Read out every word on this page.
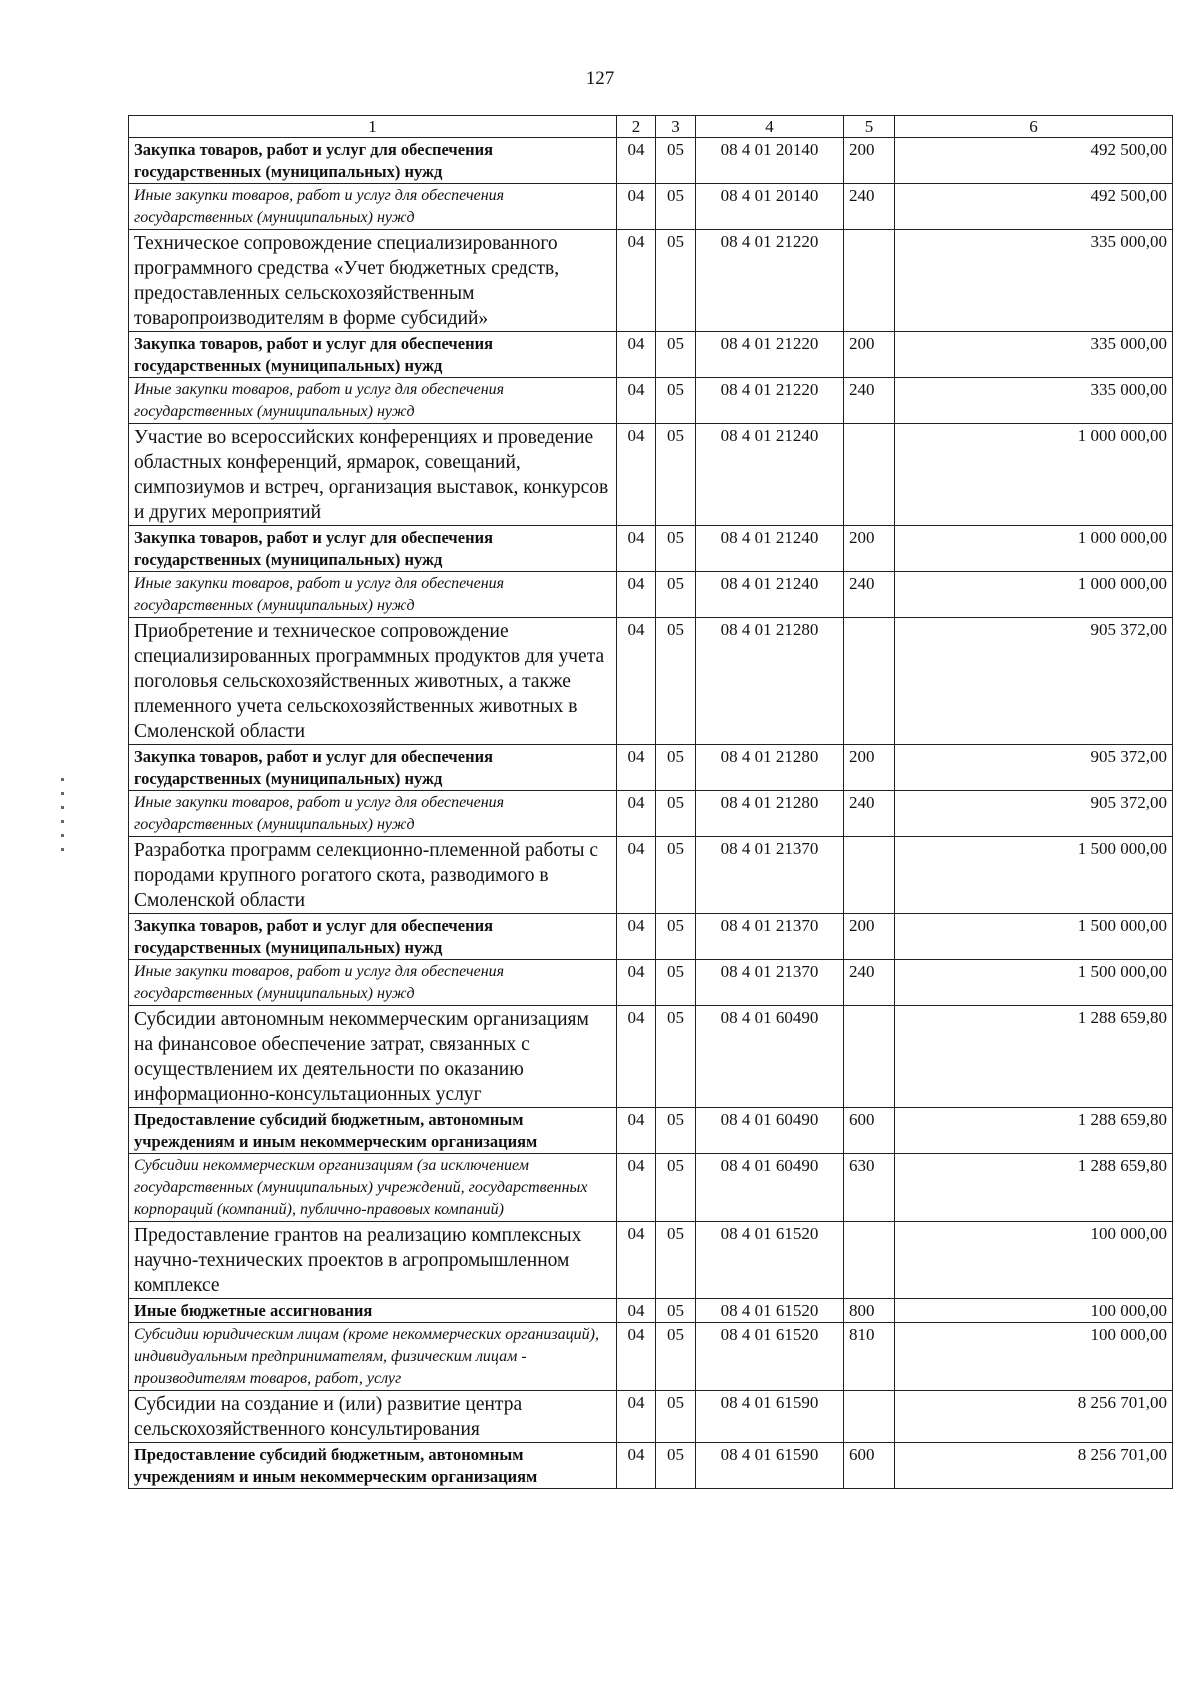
127
1	2	3	4	5	6
Закупка товаров, работ и услуг для обеспечения государственных (муниципальных) нужд	04	05	08 4 01 20140	200	492 500,00
Иные закупки товаров, работ и услуг для обеспечения государственных (муниципальных) нужд	04	05	08 4 01 20140	240	492 500,00
Техническое сопровождение специализированного программного средства «Учет бюджетных средств, предоставленных сельскохозяйственным товаропроизводителям в форме субсидий»	04	05	08 4 01 21220		335 000,00
Закупка товаров, работ и услуг для обеспечения государственных (муниципальных) нужд	04	05	08 4 01 21220	200	335 000,00
Иные закупки товаров, работ и услуг для обеспечения государственных (муниципальных) нужд	04	05	08 4 01 21220	240	335 000,00
Участие во всероссийских конференциях и проведение областных конференций, ярмарок, совещаний, симпозиумов и встреч, организация выставок, конкурсов и других мероприятий	04	05	08 4 01 21240		1 000 000,00
Закупка товаров, работ и услуг для обеспечения государственных (муниципальных) нужд	04	05	08 4 01 21240	200	1 000 000,00
Иные закупки товаров, работ и услуг для обеспечения государственных (муниципальных) нужд	04	05	08 4 01 21240	240	1 000 000,00
Приобретение и техническое сопровождение специализированных программных продуктов для учета поголовья сельскохозяйственных животных, а также племенного учета сельскохозяйственных животных в Смоленской области	04	05	08 4 01 21280		905 372,00
Закупка товаров, работ и услуг для обеспечения государственных (муниципальных) нужд	04	05	08 4 01 21280	200	905 372,00
Иные закупки товаров, работ и услуг для обеспечения государственных (муниципальных) нужд	04	05	08 4 01 21280	240	905 372,00
Разработка программ селекционно-племенной работы с породами крупного рогатого скота, разводимого в Смоленской области	04	05	08 4 01 21370		1 500 000,00
Закупка товаров, работ и услуг для обеспечения государственных (муниципальных) нужд	04	05	08 4 01 21370	200	1 500 000,00
Иные закупки товаров, работ и услуг для обеспечения государственных (муниципальных) нужд	04	05	08 4 01 21370	240	1 500 000,00
Субсидии автономным некоммерческим организациям на финансовое обеспечение затрат, связанных с осуществлением их деятельности по оказанию информационно-консультационных услуг	04	05	08 4 01 60490		1 288 659,80
Предоставление субсидий бюджетным, автономным учреждениям и иным некоммерческим организациям	04	05	08 4 01 60490	600	1 288 659,80
Субсидии некоммерческим организациям (за исключением государственных (муниципальных) учреждений, государственных корпораций (компаний), публично-правовых компаний)	04	05	08 4 01 60490	630	1 288 659,80
Предоставление грантов на реализацию комплексных научно-технических проектов в агропромышленном комплексе	04	05	08 4 01 61520		100 000,00
Иные бюджетные ассигнования	04	05	08 4 01 61520	800	100 000,00
Субсидии юридическим лицам (кроме некоммерческих организаций), индивидуальным предпринимателям, физическим лицам - производителям товаров, работ, услуг	04	05	08 4 01 61520	810	100 000,00
Субсидии на создание и (или) развитие центра сельскохозяйственного консультирования	04	05	08 4 01 61590		8 256 701,00
Предоставление субсидий бюджетным, автономным учреждениям и иным некоммерческим организациям	04	05	08 4 01 61590	600	8 256 701,00
